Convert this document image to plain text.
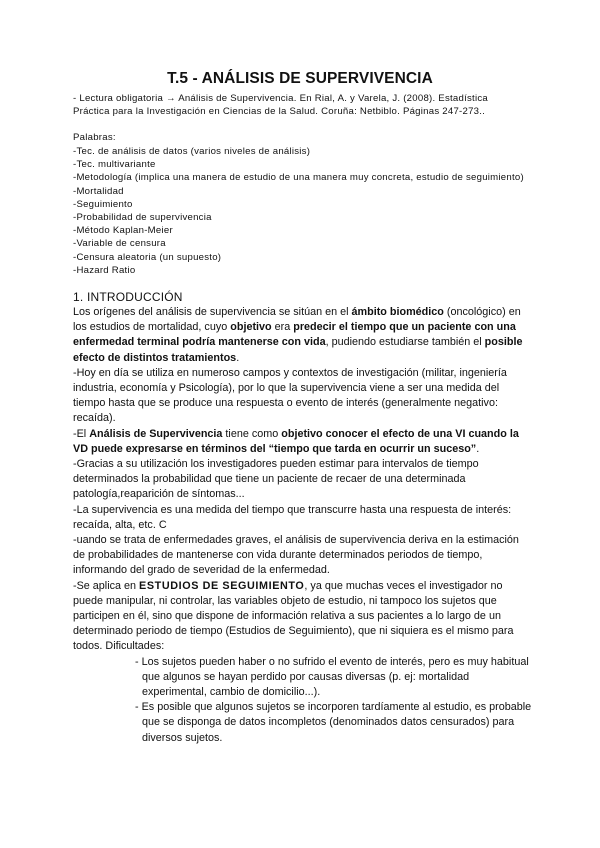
T.5 - ANÁLISIS DE SUPERVIVENCIA
- Lectura obligatoria → Análisis de Supervivencia. En Rial, A. y Varela, J. (2008). Estadística Práctica para la Investigación en Ciencias de la Salud. Coruña: Netbiblo. Páginas 247-273..
Palabras:
-Tec. de análisis de datos (varios niveles de análisis)
-Tec. multivariante
-Metodología (implica una manera de estudio de una manera muy concreta, estudio de seguimiento)
-Mortalidad
-Seguimiento
-Probabilidad de supervivencia
-Método Kaplan-Meier
-Variable de censura
-Censura aleatoria (un supuesto)
-Hazard Ratio
1. INTRODUCCIÓN

Los orígenes del análisis de supervivencia se sitúan en el ámbito biomédico (oncológico) en los estudios de mortalidad, cuyo objetivo era predecir el tiempo que un paciente con una enfermedad terminal podría mantenerse con vida, pudiendo estudiarse también el posible efecto de distintos tratamientos.

-Hoy en día se utiliza en numeroso campos y contextos de investigación (militar, ingeniería industria, economía y Psicología), por lo que la supervivencia viene a ser una medida del tiempo hasta que se produce una respuesta o evento de interés (generalmente negativo: recaída).

-El Análisis de Supervivencia tiene como objetivo conocer el efecto de una VI cuando la VD puede expresarse en términos del “tiempo que tarda en ocurrir un suceso”.

-Gracias a su utilización los investigadores pueden estimar para intervalos de tiempo determinados la probabilidad que tiene un paciente de recaer de una determinada patología,reaparición de síntomas...

-La supervivencia es una medida del tiempo que transcurre hasta una respuesta de interés: recaída, alta, etc. C

-uando se trata de enfermedades graves, el análisis de supervivencia deriva en la estimación de probabilidades de mantenerse con vida durante determinados periodos de tiempo, informando del grado de severidad de la enfermedad.

-Se aplica en ESTUDIOS DE SEGUIMIENTO, ya que muchas veces el investigador no puede manipular, ni controlar, las variables objeto de estudio, ni tampoco los sujetos que participen en él, sino que dispone de información relativa a sus pacientes a lo largo de un determinado periodo de tiempo (Estudios de Seguimiento), que ni siquiera es el mismo para todos. Dificultades:

- Los sujetos pueden haber o no sufrido el evento de interés, pero es muy habitual que algunos se hayan perdido por causas diversas (p. ej: mortalidad experimental, cambio de domicilio...).

- Es posible que algunos sujetos se incorporen tardíamente al estudio, es probable que se disponga de datos incompletos (denominados datos censurados) para diversos sujetos.
